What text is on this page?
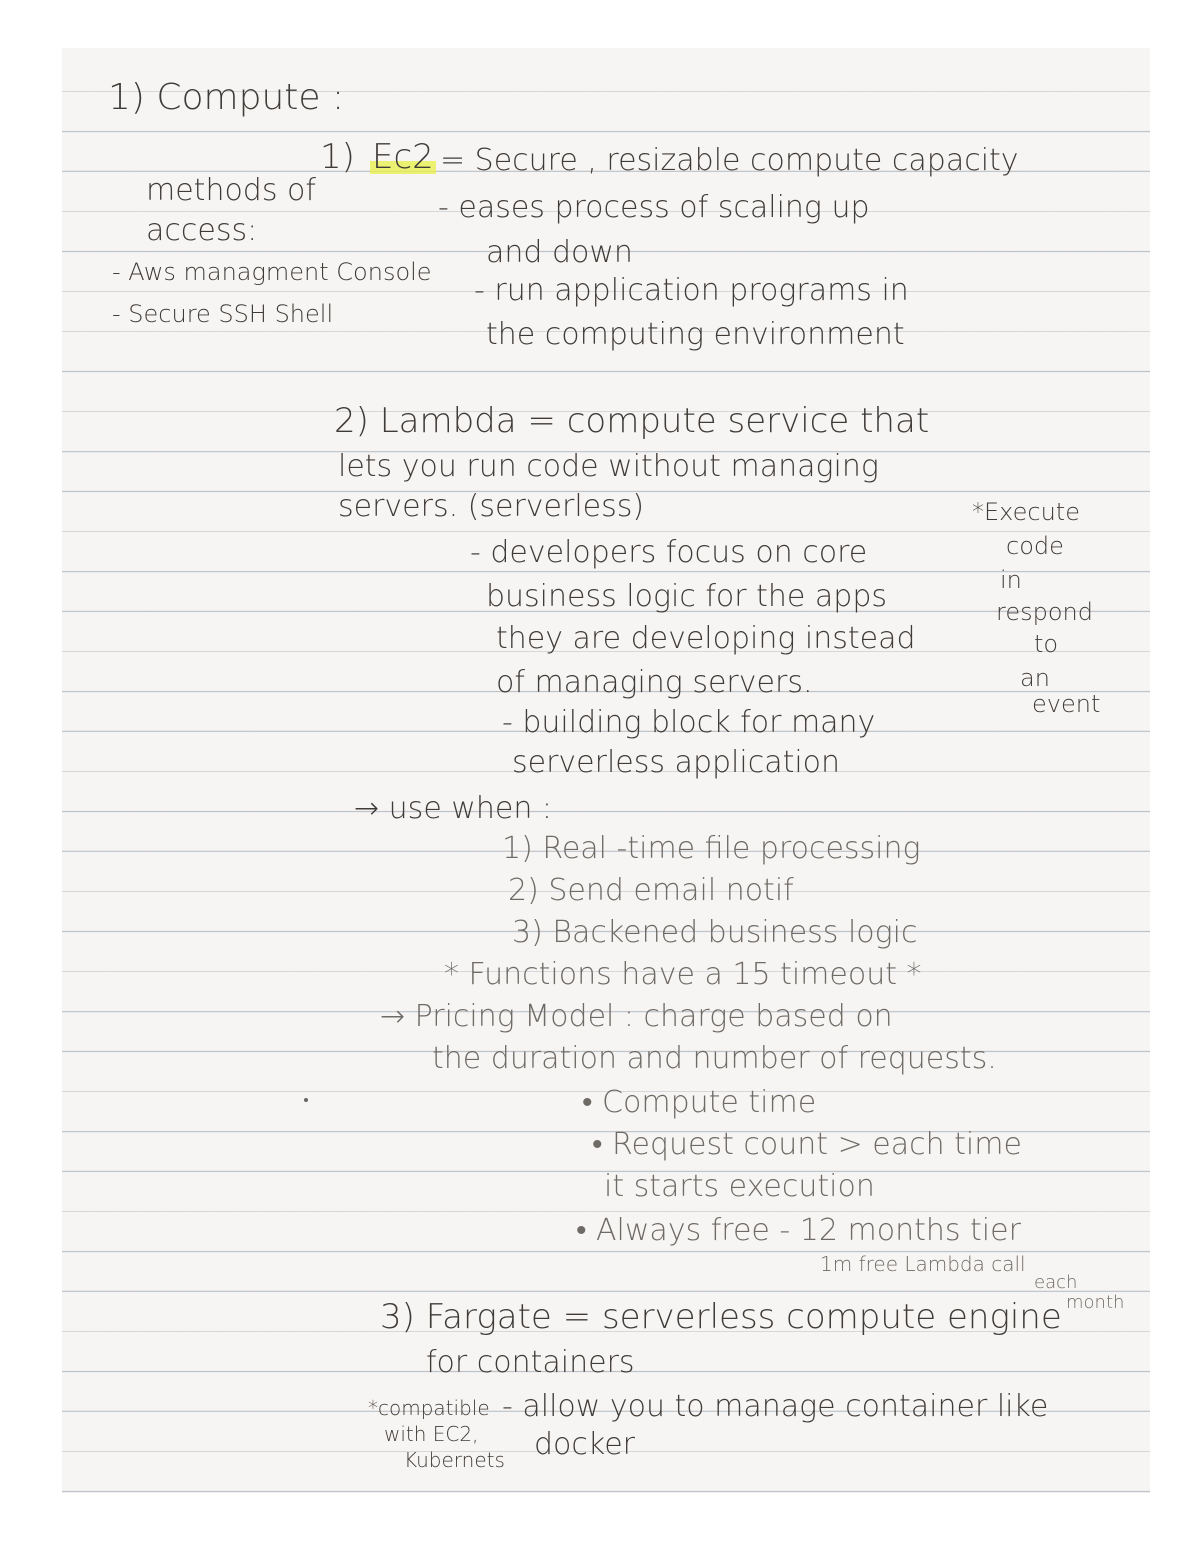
1) Compute :
1) Ec2 = Secure , resizable compute capacity
- eases process of scaling up
and down
- run application programs in
the computing environment
methods of
access:
- Aws managment Console
- Secure SSH Shell
2) Lambda = compute service that
lets you run code without managing
servers. (serverless)
- developers focus on core
business logic for the apps
they are developing instead
of managing servers.
- building block for many
serverless application
*Execute
code
in
respond
to
an
event
→ use when :
1) Real -time file processing
2) Send email notif
3) Backened business logic
* Functions have a 15 timeout *
→ Pricing Model : charge based on
the duration and number of requests.
• Compute time
• Request count > each time
it starts execution
• Always free - 12 months tier
1m free Lambda call
each
month
3) Fargate = serverless compute engine
for containers
- allow you to manage container like
docker
*compatible
with EC2,
Kubernets
